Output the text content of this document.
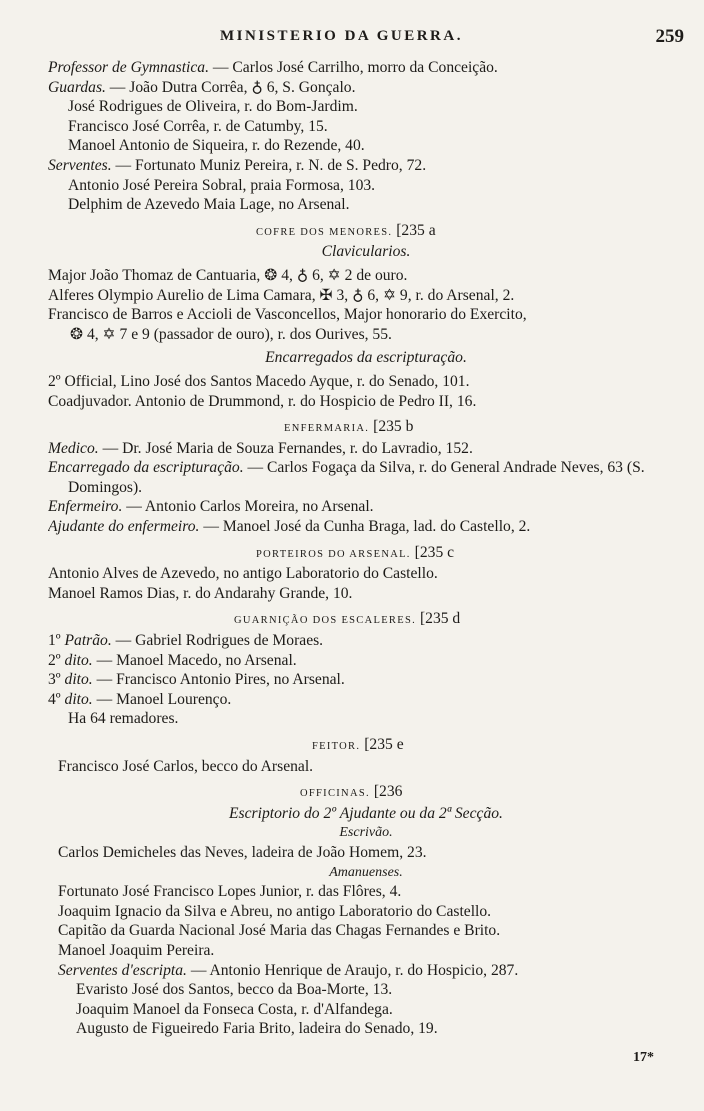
MINISTERIO DA GUERRA.	259
Professor de Gymnastica. — Carlos José Carrilho, morro da Conceição.
Guardas. — João Dutra Corrêa, ♁ 6, S. Gonçalo.
José Rodrigues de Oliveira, r. do Bom-Jardim.
Francisco José Corrêa, r. de Catumby, 15.
Manoel Antonio de Siqueira, r. do Rezende, 40.
Serventes. — Fortunato Muniz Pereira, r. N. de S. Pedro, 72.
Antonio José Pereira Sobral, praia Formosa, 103.
Delphim de Azevedo Maia Lage, no Arsenal.
COFRE DOS MENORES. [235 a
Clavicularios.
Major João Thomaz de Cantuaria, ❂ 4, ♁ 6, ✡ 2 de ouro.
Alferes Olympio Aurelio de Lima Camara, ✠ 3, ♁ 6, ✡ 9, r. do Arsenal, 2.
Francisco de Barros e Accioli de Vasconcellos, Major honorario do Exercito,
❂ 4, ✡ 7 e 9 (passador de ouro), r. dos Ourives, 55.
Encarregados da escripturação.
2º Official, Lino José dos Santos Macedo Ayque, r. do Senado, 101.
Coadjuvador. Antonio de Drummond, r. do Hospicio de Pedro II, 16.
ENFERMARIA. [235 b
Medico. — Dr. José Maria de Souza Fernandes, r. do Lavradio, 152.
Encarregado da escripturação. — Carlos Fogaça da Silva, r. do General Andrade Neves, 63 (S. Domingos).
Enfermeiro. — Antonio Carlos Moreira, no Arsenal.
Ajudante do enfermeiro. — Manoel José da Cunha Braga, lad. do Castello, 2.
PORTEIROS DO ARSENAL. [235 c
Antonio Alves de Azevedo, no antigo Laboratorio do Castello.
Manoel Ramos Dias, r. do Andarahy Grande, 10.
GUARNIÇÃO DOS ESCALERES. [235 d
1º Patrão. — Gabriel Rodrigues de Moraes.
2º dito. — Manoel Macedo, no Arsenal.
3º dito. — Francisco Antonio Pires, no Arsenal.
4º dito. — Manoel Lourenço.
Ha 64 remadores.
FEITOR. [235 e
Francisco José Carlos, becco do Arsenal.
OFFICINAS. [236
Escriptorio do 2º Ajudante ou da 2ª Secção.
Escrivão.
Carlos Demicheles das Neves, ladeira de João Homem, 23.
Amanuenses.
Fortunato José Francisco Lopes Junior, r. das Flôres, 4.
Joaquim Ignacio da Silva e Abreu, no antigo Laboratorio do Castello.
Capitão da Guarda Nacional José Maria das Chagas Fernandes e Brito.
Manoel Joaquim Pereira.
Serventes d'escripta. — Antonio Henrique de Araujo, r. do Hospicio, 287.
Evaristo José dos Santos, becco da Boa-Morte, 13.
Joaquim Manoel da Fonseca Costa, r. d'Alfandega.
Augusto de Figueiredo Faria Brito, ladeira do Senado, 19.
17*
